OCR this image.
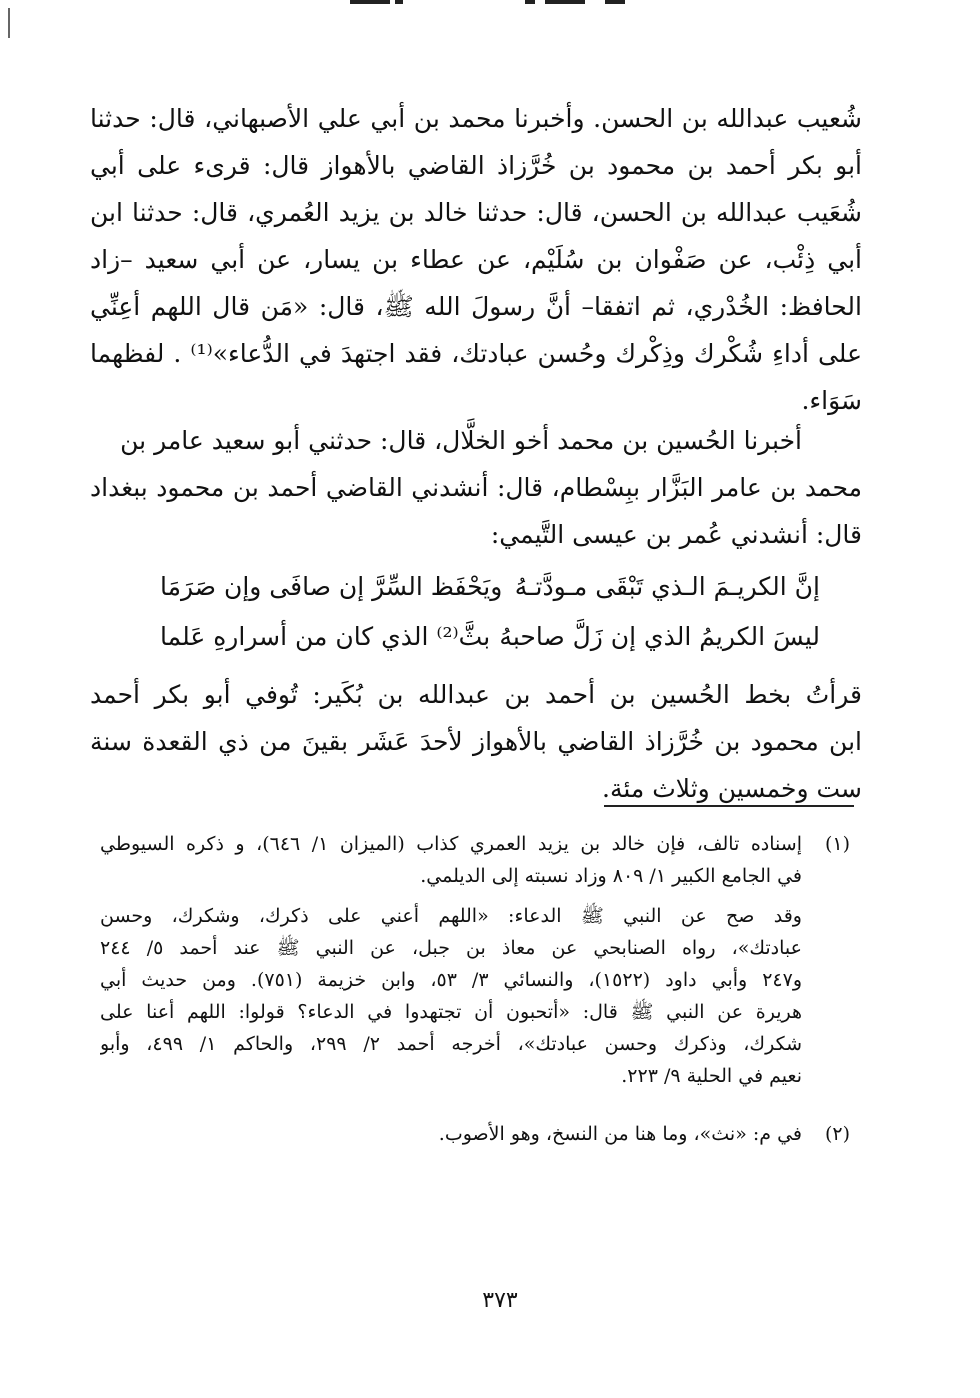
شُعيب عبدالله بن الحسن. وأخبرنا محمد بن أبي علي الأصبهاني، قال: حدثنا
أبو بكر أحمد بن محمود بن خُرَّزاذ القاضي بالأهواز قال: قرىء على أبي
شُعَيب عبدالله بن الحسن، قال: حدثنا خالد بن يزيد العُمري، قال: حدثنا ابن
أبي ذِئْب، عن صَفْوان بن سُلَيْم، عن عطاء بن يسار، عن أبي سعيد –زاد
الحافظ: الخُدْري، ثم اتفقا– أنَّ رسولَ الله ﷺ، قال: «مَن قال اللهم أعِنِّي
على أداءِ شُكْرك وذِكْرك وحُسن عبادتك، فقد اجتهدَ في الدُّعاء»⁽¹⁾ . لفظهما
سَوَاء.
أخبرنا الحُسين بن محمد أخو الخلَّال، قال: حدثني أبو سعيد عامر بن
محمد بن عامر البَزَّار ببِسْطام، قال: أنشدني القاضي أحمد بن محمود ببغداد
قال: أنشدني عُمر بن عيسى التَّيمي:
إنَّ الكريـمَ الـذي تَبْقَى مـودَّتـهُ
ويَحْفَظ السِّرَّ إن صافَى وإن صَرَمَا
ليسَ الكريمُ الذي إن زَلَّ صاحبهُ
بثَّ⁽²⁾ الذي كان من أسرارهِ عَلما
قرأتُ بخط الحُسين بن أحمد بن عبدالله بن بُكَير: تُوفي أبو بكر أحمد
ابن محمود بن خُرَّزاذ القاضي بالأهواز لأحدَ عَشَر بقينَ من ذي القعدة سنة
ست وخمسين وثلاث مئة.
(١)
إسناده تالف، فإن خالد بن يزيد العمري كذاب (الميزان ١/ ٦٤٦)، و ذكره السيوطي
في الجامع الكبير ١/ ٨٠٩ وزاد نسبته إلى الديلمي.
وقد صح عن النبي ﷺ الدعاء: «اللهم أعني على ذكرك، وشكرك، وحسن
عبادتك»، رواه الصنابحي عن معاذ بن جبل، عن النبي ﷺ عند أحمد ٥/ ٢٤٤
و٢٤٧ وأبي داود (١٥٢٢)، والنسائي ٣/ ٥٣، وابن خزيمة (٧٥١). ومن حديث أبي
هريرة عن النبي ﷺ قال: «أتحبون أن تجتهدوا في الدعاء؟ قولوا: اللهم أعنا على
شكرك، وذكرك وحسن عبادتك»، أخرجه أحمد ٢/ ٢٩٩، والحاكم ١/ ٤٩٩، وأبو
نعيم في الحلية ٩/ ٢٢٣.
(٢)
في م: «نث»، وما هنا من النسخ، وهو الأصوب.
٣٧٣
